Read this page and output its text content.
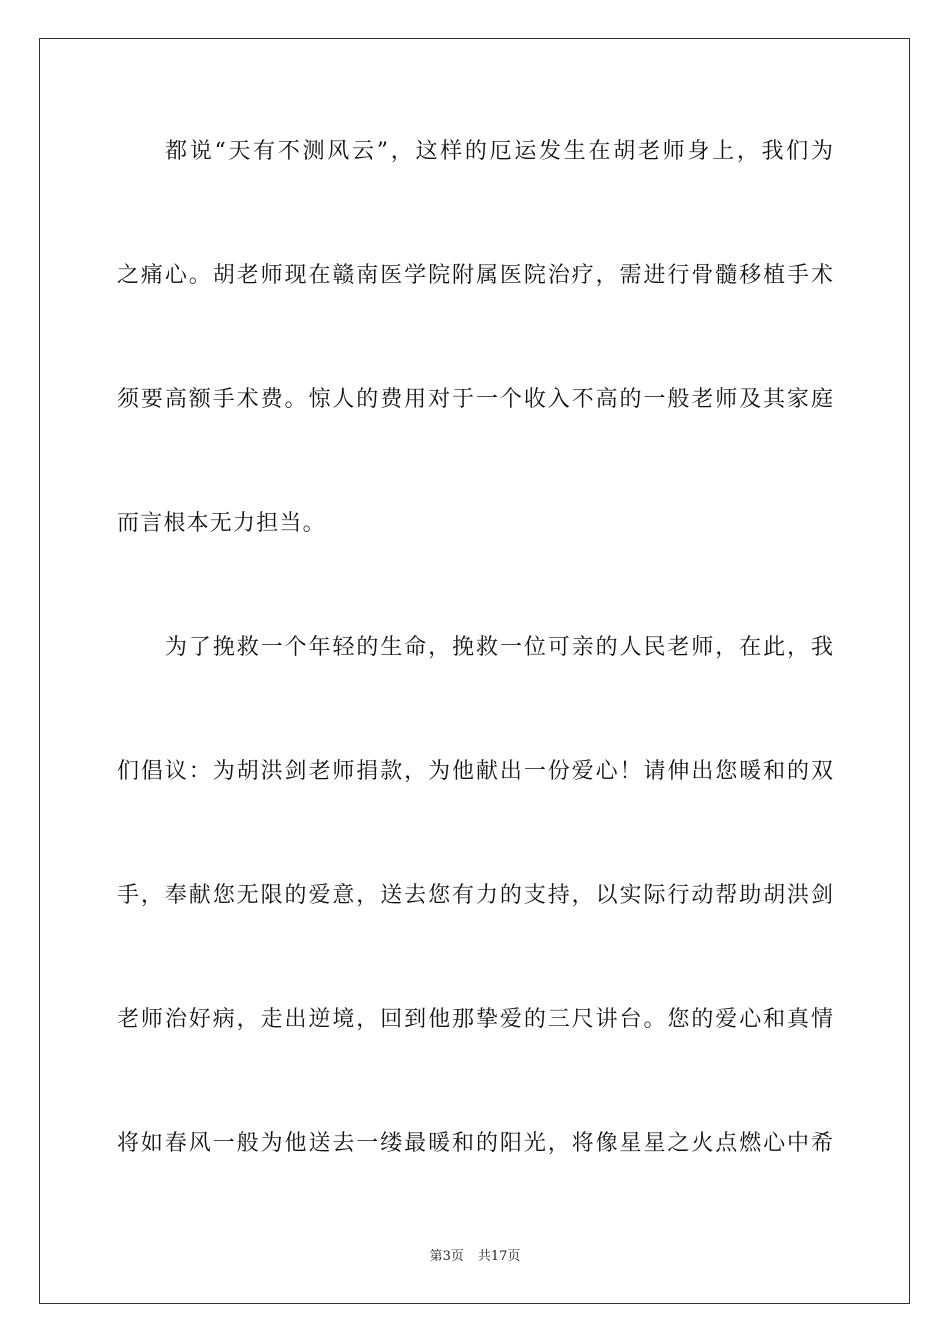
都说“天有不测风云”，这样的厄运发生在胡老师身上，我们为
之痛心。胡老师现在赣南医学院附属医院治疗，需进行骨髓移植手术
须要高额手术费。惊人的费用对于一个收入不高的一般老师及其家庭
而言根本无力担当。
为了挽救一个年轻的生命，挽救一位可亲的人民老师，在此，我
们倡议：为胡洪剑老师捐款，为他献出一份爱心！请伸出您暖和的双
手，奉献您无限的爱意，送去您有力的支持，以实际行动帮助胡洪剑
老师治好病，走出逆境，回到他那挚爱的三尺讲台。您的爱心和真情
将如春风一般为他送去一缕最暖和的阳光，将像星星之火点燃心中希
第3页 共17页
